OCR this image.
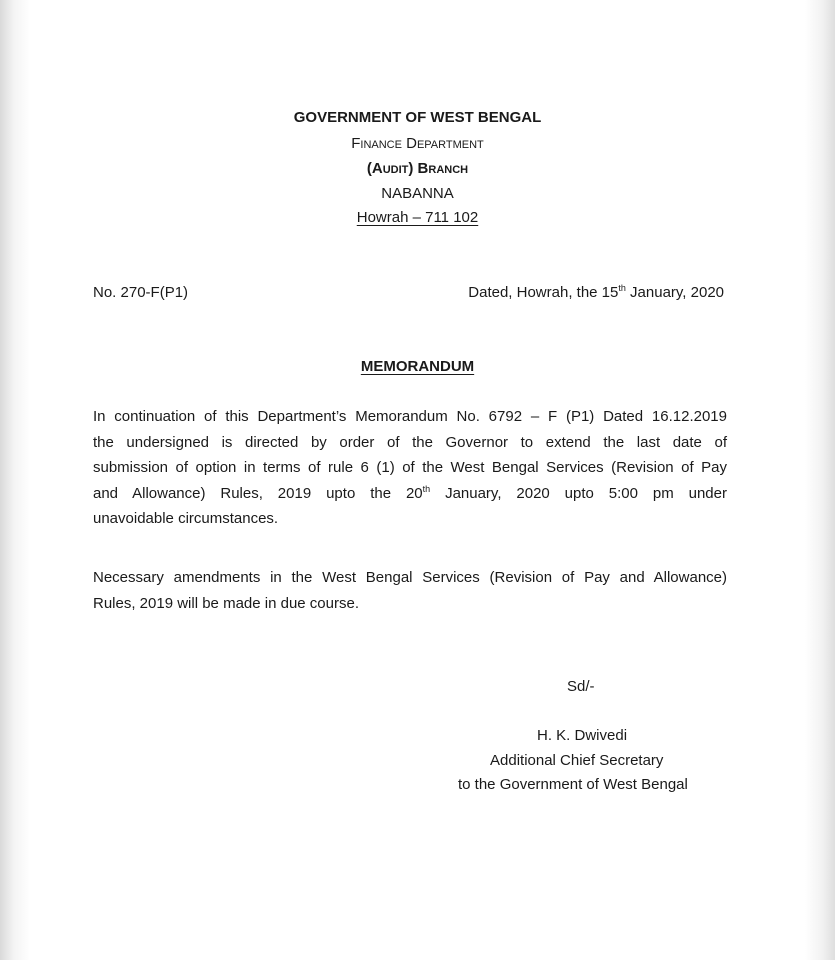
GOVERNMENT OF WEST BENGAL
Finance Department
(Audit) Branch
NABANNA
Howrah – 711 102
No. 270-F(P1)	Dated, Howrah, the 15th January, 2020
MEMORANDUM
In continuation of this Department’s Memorandum No. 6792 – F (P1) Dated 16.12.2019
the undersigned is directed by order of the Governor to extend the last date of
submission of option in terms of rule 6 (1) of the West Bengal Services (Revision of Pay
and Allowance) Rules, 2019 upto the 20th January, 2020 upto 5:00 pm under
unavoidable circumstances.
Necessary amendments in the West Bengal Services (Revision of Pay and Allowance)
Rules, 2019 will be made in due course.
Sd/-
H. K. Dwivedi
Additional Chief Secretary
to the Government of West Bengal
